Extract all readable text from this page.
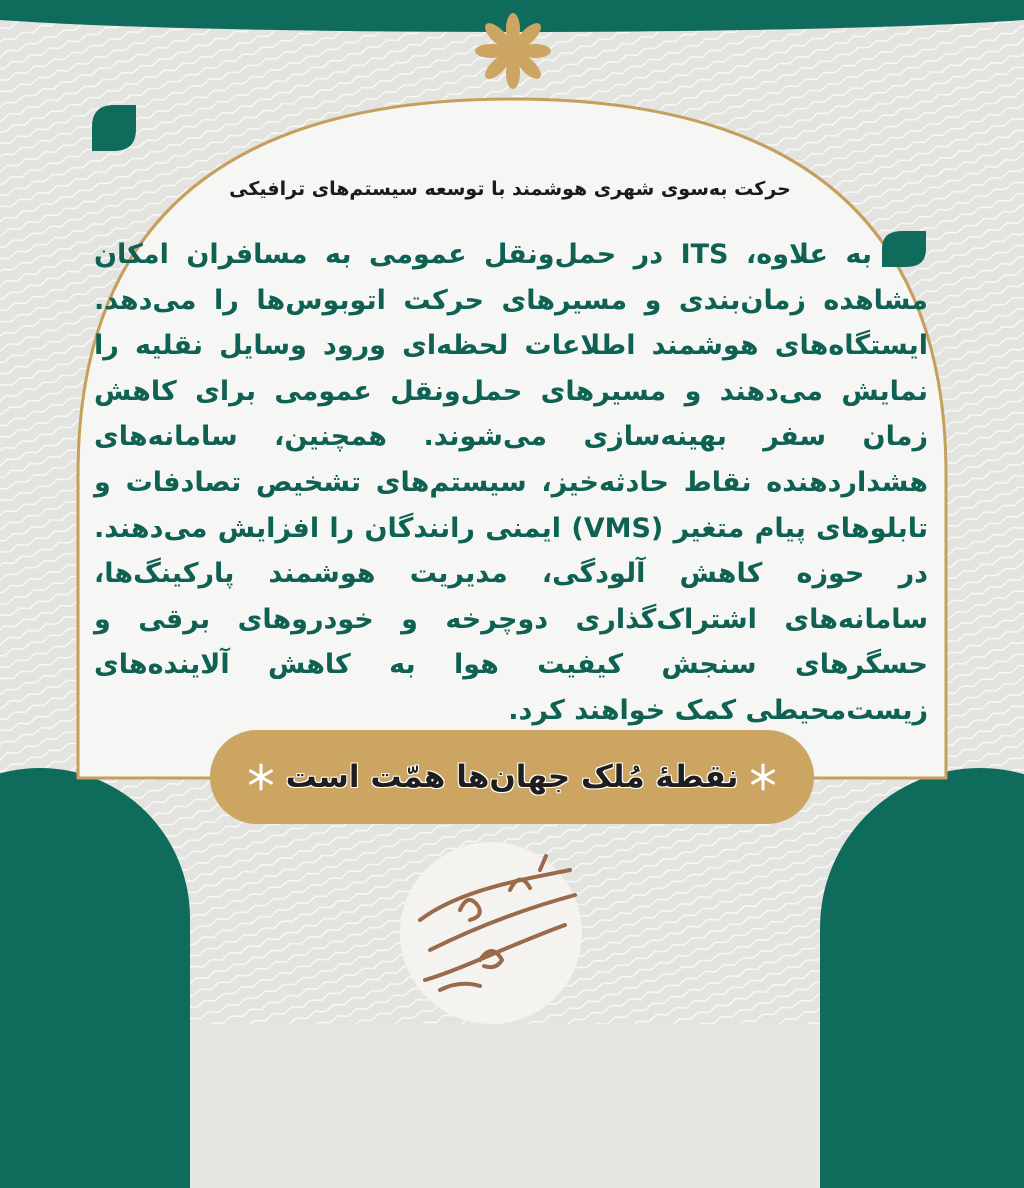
حرکت به‌سوی شهری هوشمند با توسعه سیستم‌های ترافیکی
به علاوه، ITS در حمل‌ونقل عمومی به مسافران امکان مشاهده زمان‌بندی و مسیرهای حرکت اتوبوس‌ها را می‌دهد. ایستگاه‌های هوشمند اطلاعات لحظه‌ای ورود وسایل نقلیه را نمایش می‌دهند و مسیرهای حمل‌ونقل عمومی برای کاهش زمان سفر بهینه‌سازی می‌شوند. همچنین، سامانه‌های هشداردهنده نقاط حادثه‌خیز، سیستم‌های تشخیص تصادفات و تابلوهای پیام متغیر (VMS) ایمنی رانندگان را افزایش می‌دهند. در حوزه کاهش آلودگی، مدیریت هوشمند پارکینگ‌ها، سامانه‌های اشتراک‌گذاری دوچرخه و خودروهای برقی و حسگرهای سنجش کیفیت هوا به کاهش آلاینده‌های زیست‌محیطی کمک خواهند کرد.
نقطهٔ مُلک جهان‌ها همّت است
